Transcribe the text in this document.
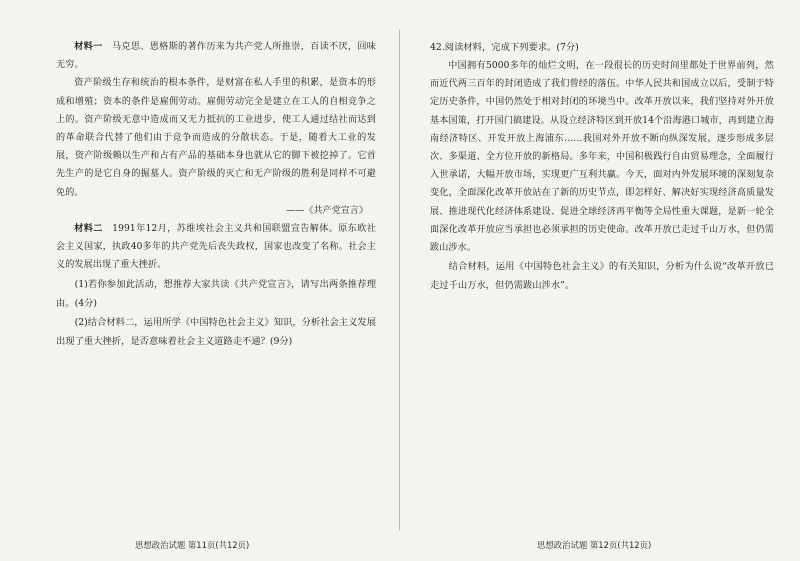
材料一　 马克思、恩格斯的著作历来为共产党人所推崇，百读不厌，回味无穷。

资产阶级生存和统治的根本条件，是财富在私人手里的积累，是资本的形成和增殖；资本的条件是雇佣劳动。雇佣劳动完全是建立在工人的自相竞争之上的。资产阶级无意中造成而又无力抵抗的工业进步，使工人通过结社而达到的革命联合代替了他们由于竞争而造成的分散状态。于是，随着大工业的发展，资产阶级赖以生产和占有产品的基础本身也就从它的脚下被挖掉了。它首先生产的是它自身的掘墓人。资产阶级的灭亡和无产阶级的胜利是同样不可避免的。

——《共产党宣言》

材料二　 1991年12月，苏维埃社会主义共和国联盟宣告解体。原东欧社会主义国家，执政40多年的共产党先后丧失政权，国家也改变了名称。社会主义的发展出现了重大挫折。

(1)若你参加此活动，想推荐大家共读《共产党宣言》，请写出两条推荐理由。(4分)

(2)结合材料二，运用所学《中国特色社会主义》知识，分析社会主义发展出现了重大挫折，是否意味着社会主义道路走不通？(9分)

42.阅读材料，完成下列要求。(7分)

中国拥有5000多年的灿烂文明，在一段很长的历史时间里都处于世界前列，然而近代两三百年的封闭造成了我们曾经的落伍。中华人民共和国成立以后，受制于特定历史条件，中国仍然处于相对封闭的环境当中。改革开放以来，我们坚持对外开放基本国策，打开国门搞建设。从设立经济特区到开放14个沿海港口城市，再到建立海南经济特区、开发开放上海浦东……我国对外开放不断向纵深发展，逐步形成多层次、多渠道、全方位开放的新格局。多年来，中国积极践行自由贸易理念，全面履行入世承诺，大幅开放市场，实现更广互利共赢。今天，面对内外发展环境的深刻复杂变化，全面深化改革开放站在了新的历史节点，即怎样好、解决好实现经济高质量发展、推进现代化经济体系建设、促进全球经济再平衡等全局性重大课题，是新一轮全面深化改革开放应当承担也必须承担的历史使命。改革开放已走过千山万水，但仍需跋山涉水。

结合材料，运用《中国特色社会主义》的有关知识，分析为什么说“改革开放已走过千山万水，但仍需跋山涉水”。

思想政治试题 第11页(共12页)	思想政治试题 第12页(共12页)
